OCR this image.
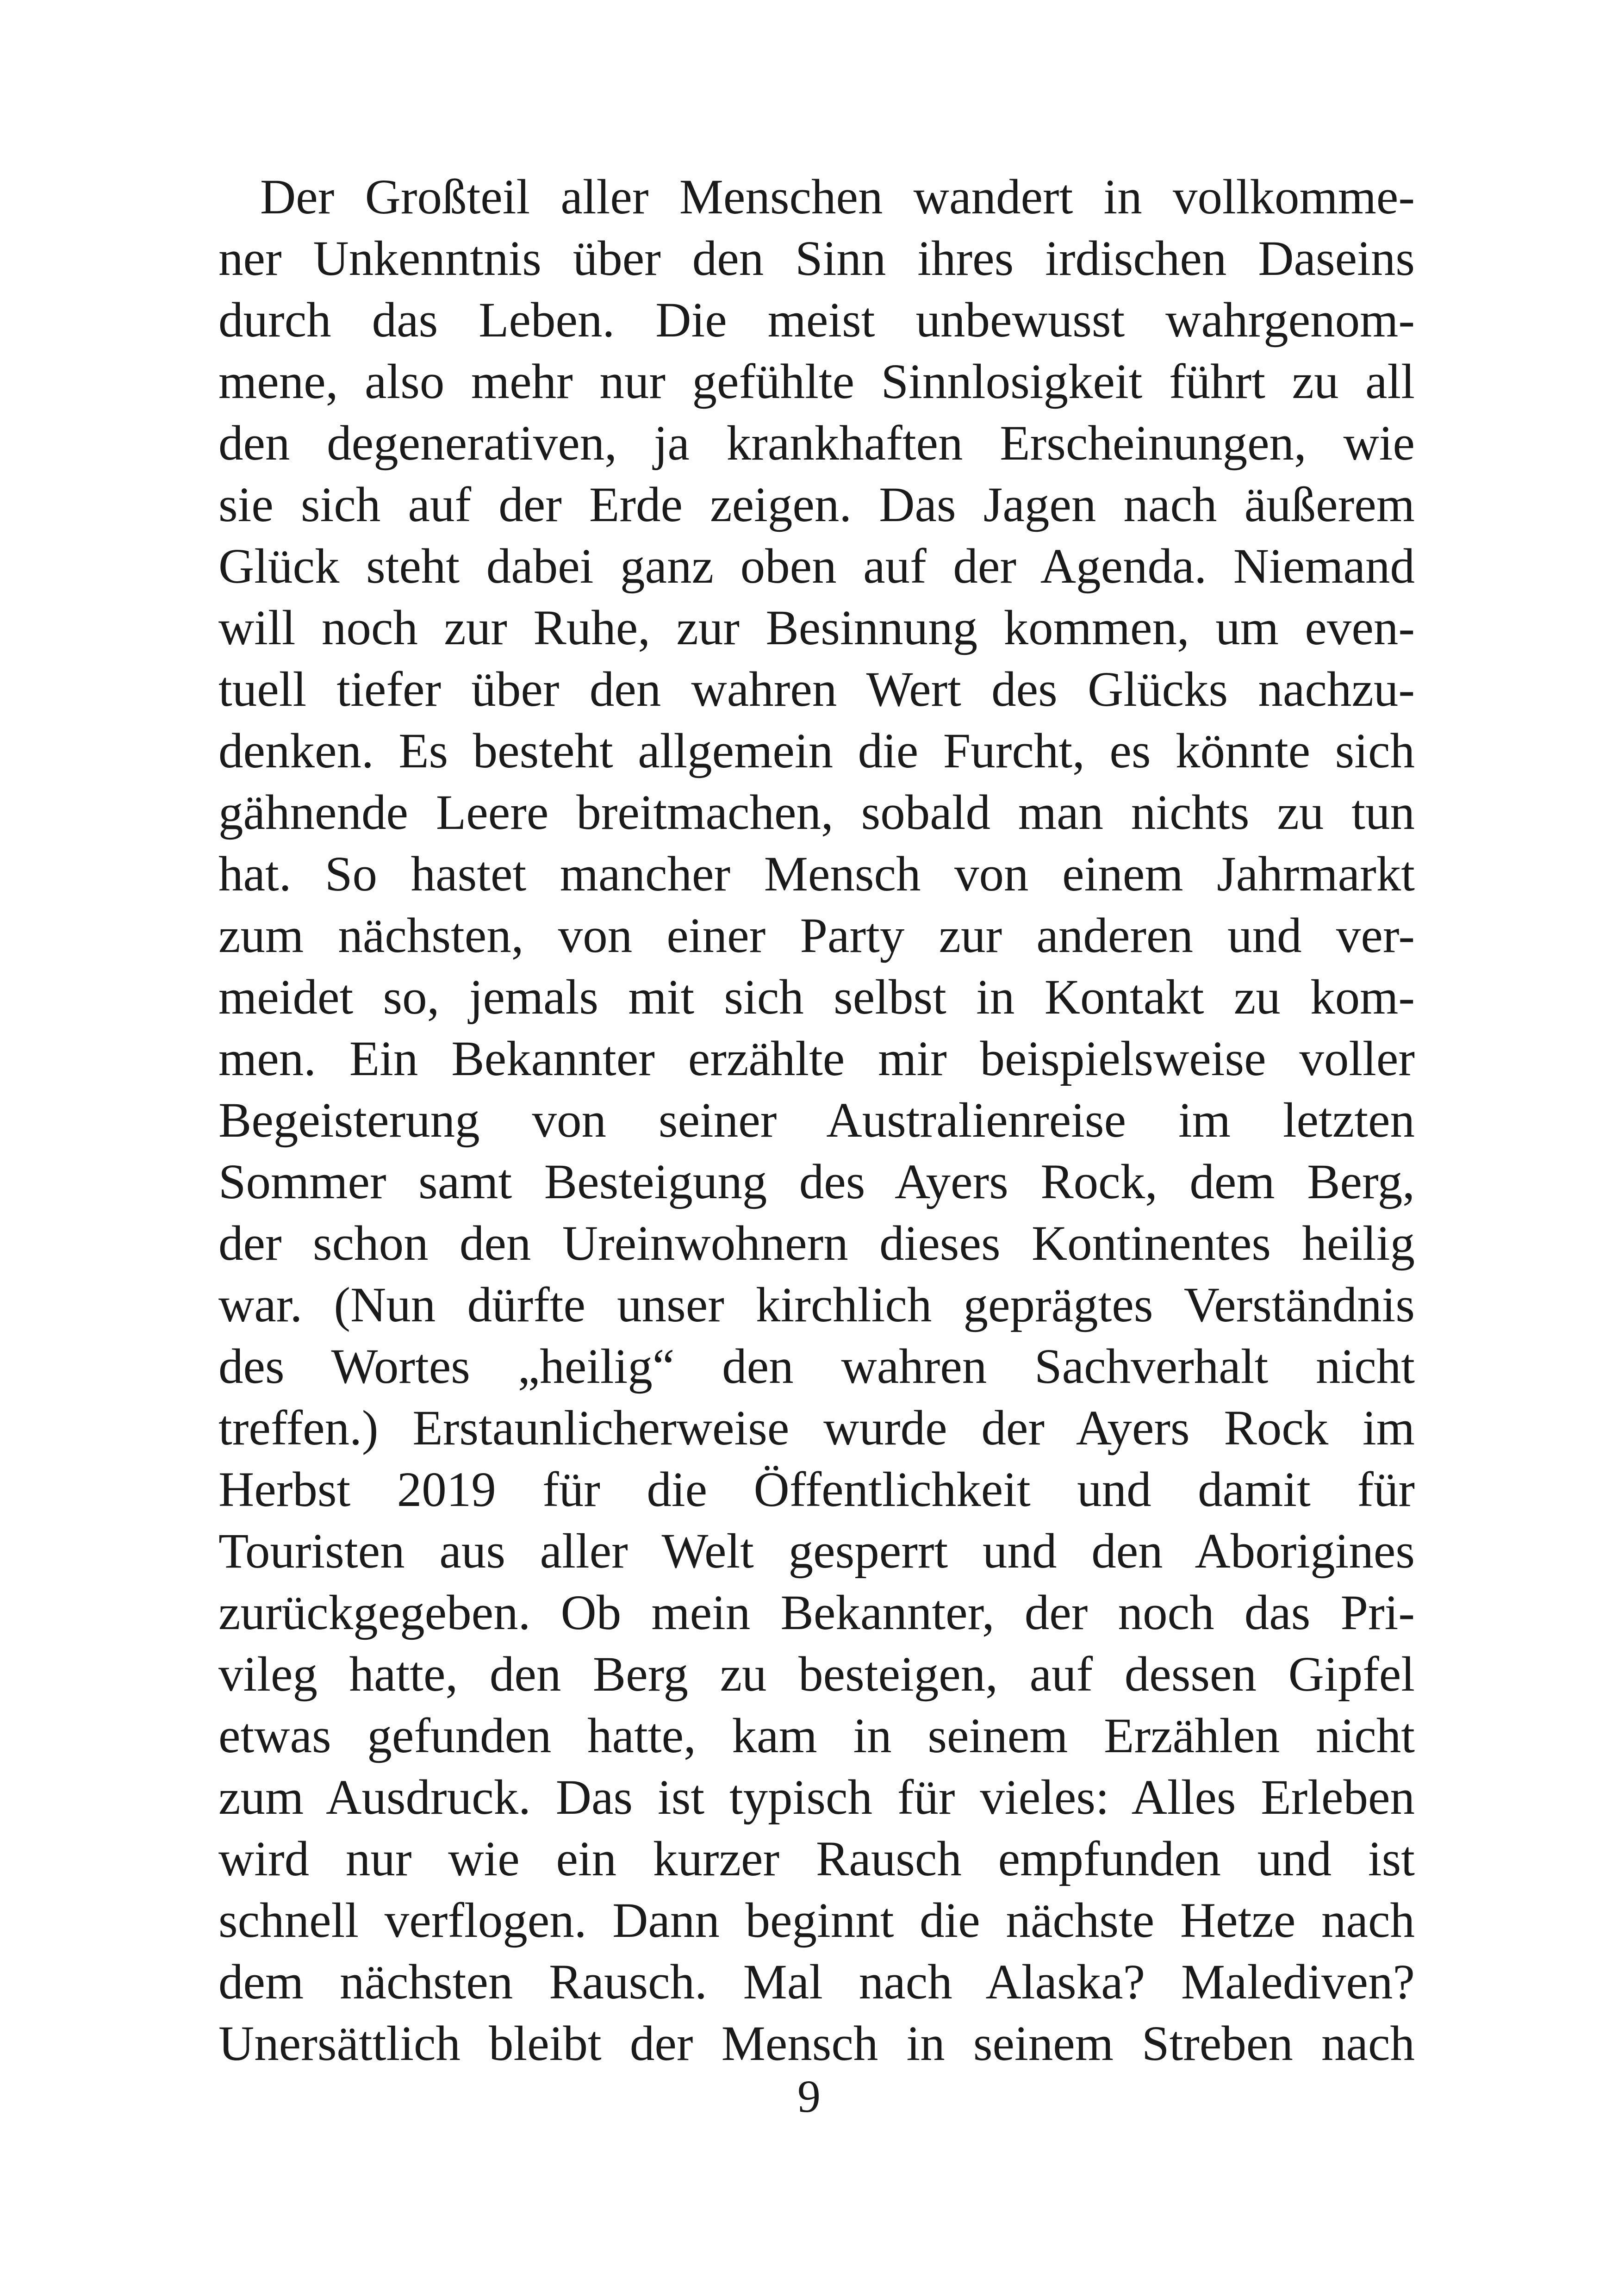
Der Großteil aller Menschen wandert in vollkomme-
ner Unkenntnis über den Sinn ihres irdischen Daseins
durch das Leben. Die meist unbewusst wahrgenom-
mene, also mehr nur gefühlte Sinnlosigkeit führt zu all
den degenerativen, ja krankhaften Erscheinungen, wie
sie sich auf der Erde zeigen. Das Jagen nach äußerem
Glück steht dabei ganz oben auf der Agenda. Niemand
will noch zur Ruhe, zur Besinnung kommen, um even-
tuell tiefer über den wahren Wert des Glücks nachzu-
denken. Es besteht allgemein die Furcht, es könnte sich
gähnende Leere breitmachen, sobald man nichts zu tun
hat. So hastet mancher Mensch von einem Jahrmarkt
zum nächsten, von einer Party zur anderen und ver-
meidet so, jemals mit sich selbst in Kontakt zu kom-
men. Ein Bekannter erzählte mir beispielsweise voller
Begeisterung von seiner Australienreise im letzten
Sommer samt Besteigung des Ayers Rock, dem Berg,
der schon den Ureinwohnern dieses Kontinentes heilig
war. (Nun dürfte unser kirchlich geprägtes Verständnis
des Wortes „heilig“ den wahren Sachverhalt nicht
treffen.) Erstaunlicherweise wurde der Ayers Rock im
Herbst 2019 für die Öffentlichkeit und damit für
Touristen aus aller Welt gesperrt und den Aborigines
zurückgegeben. Ob mein Bekannter, der noch das Pri-
vileg hatte, den Berg zu besteigen, auf dessen Gipfel
etwas gefunden hatte, kam in seinem Erzählen nicht
zum Ausdruck. Das ist typisch für vieles: Alles Erleben
wird nur wie ein kurzer Rausch empfunden und ist
schnell verflogen. Dann beginnt die nächste Hetze nach
dem nächsten Rausch. Mal nach Alaska? Malediven?
Unersättlich bleibt der Mensch in seinem Streben nach
9
